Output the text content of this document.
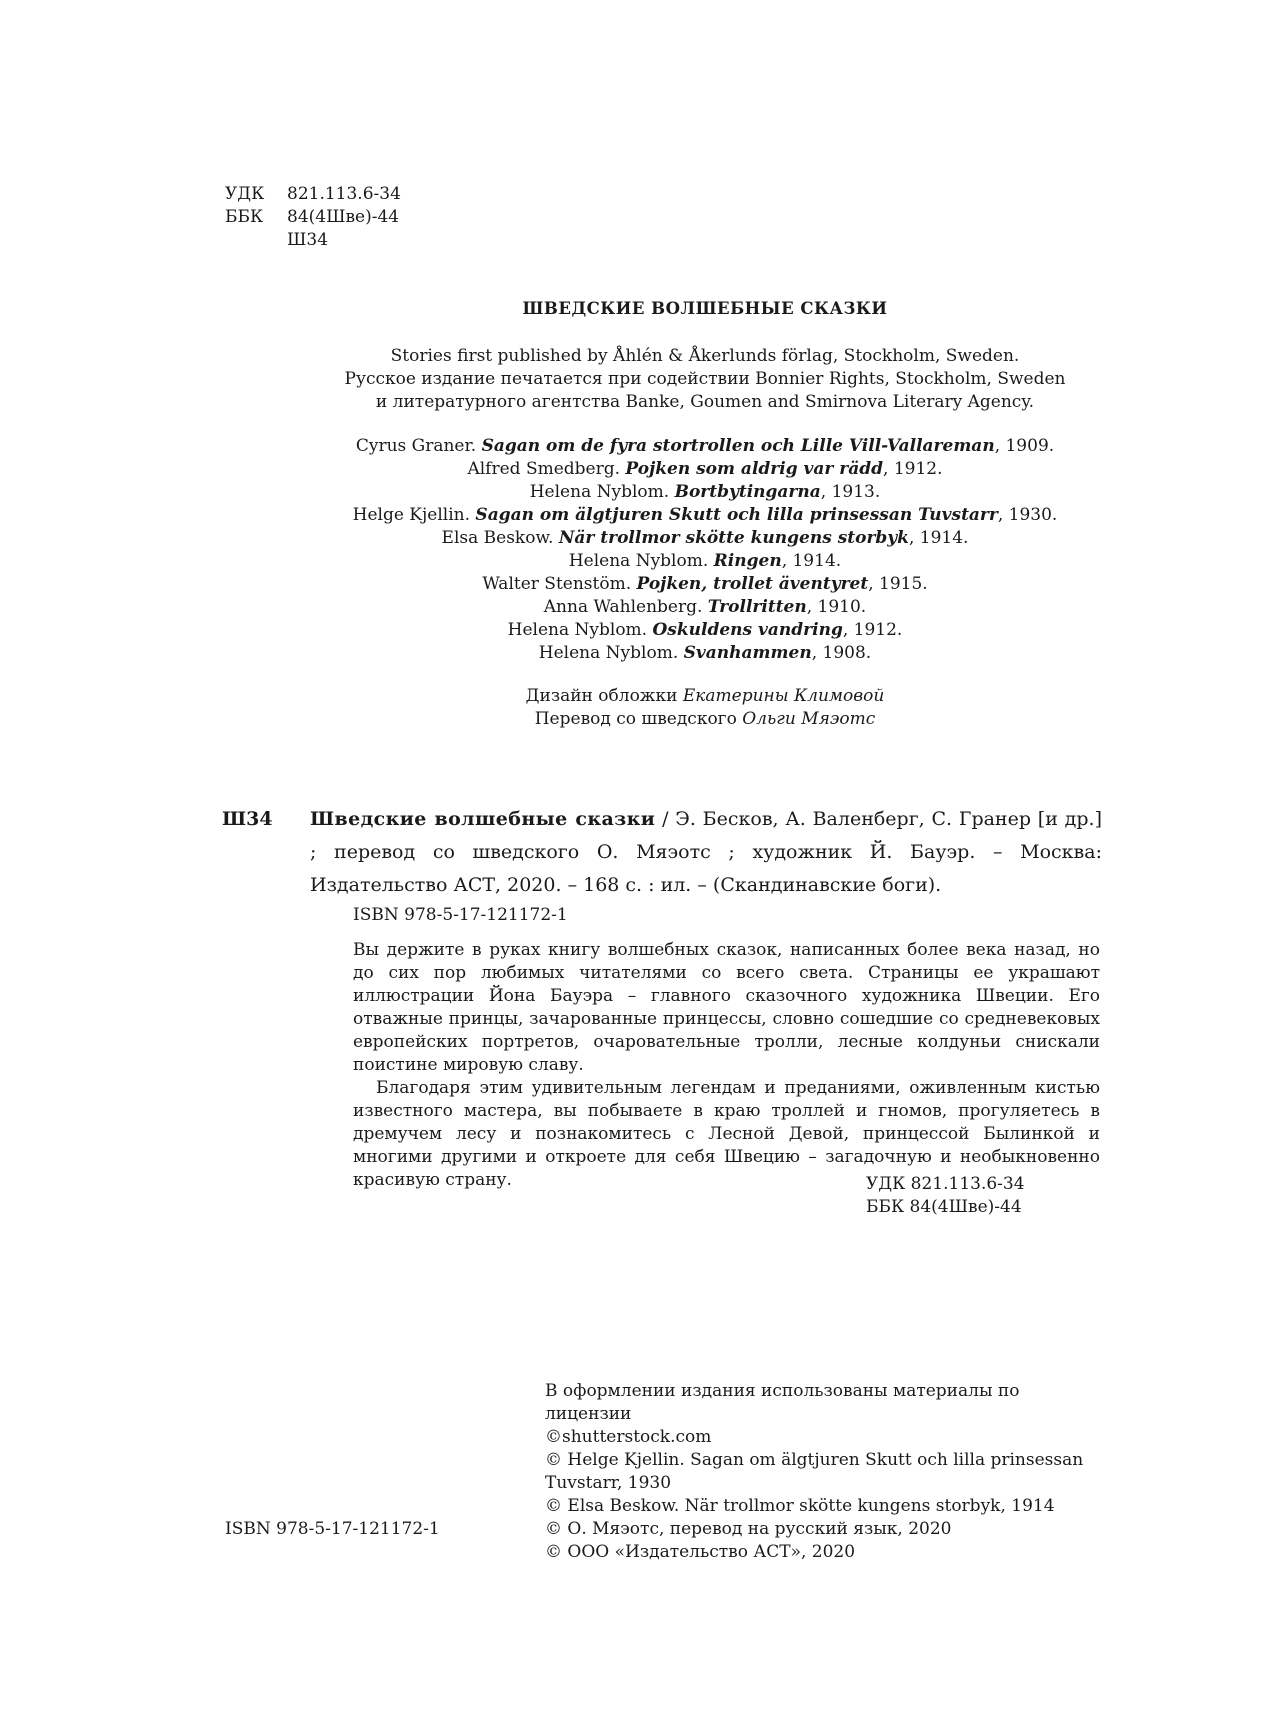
УДК	821.113.6-34
ББК	84(4Шве)-44
Ш34
ШВЕДСКИЕ ВОЛШЕБНЫЕ СКАЗКИ
Stories first published by Åhlén & Åkerlunds förlag, Stockholm, Sweden.
Русское издание печатается при содействии Bonnier Rights, Stockholm, Sweden
и литературного агентства Banke, Goumen and Smirnova Literary Agency.
Cyrus Graner. Sagan om de fyra stortrollen och Lille Vill-Vallareman, 1909.
Alfred Smedberg. Pojken som aldrig var rädd, 1912.
Helena Nyblom. Bortbytingarna, 1913.
Helge Kjellin. Sagan om älgtjuren Skutt och lilla prinsessan Tuvstarr, 1930.
Elsa Beskow. När trollmor skötte kungens storbyk, 1914.
Helena Nyblom. Ringen, 1914.
Walter Stenstöm. Pojken, trollet äventyret, 1915.
Anna Wahlenberg. Trollritten, 1910.
Helena Nyblom. Oskuldens vandring, 1912.
Helena Nyblom. Svanhammen, 1908.
Дизайн обложки Екатерины Климовой
Перевод со шведского Ольги Мяэотс
Ш34 Шведские волшебные сказки / Э. Бесков, А. Валенберг, С. Гранер [и др.] ; перевод со шведского О. Мяэотс ; художник Й. Бауэр. – Москва: Издательство АСТ, 2020. – 168 с. : ил. – (Скандинавские боги).
ISBN 978-5-17-121172-1

Вы держите в руках книгу волшебных сказок, написанных более века назад, но до сих пор любимых читателями со всего света. Страницы ее украшают иллюстрации Йона Бауэра – главного сказочного художника Швеции. Его отважные принцы, зачарованные принцессы, словно сошедшие со средневековых европейских портретов, очаровательные тролли, лесные колдуньи снискали поистине мировую славу.

Благодаря этим удивительным легендам и преданиями, оживленным кистью известного мастера, вы побываете в краю троллей и гномов, прогуляетесь в дремучем лесу и познакомитесь с Лесной Девой, принцессой Былинкой и многими другими и откроете для себя Швецию – загадочную и необыкновенно красивую страну.	УДК 821.113.6-34
ББК 84(4Шве)-44
В оформлении издания использованы материалы по лицензии
©shutterstock.com
© Helge Kjellin. Sagan om älgtjuren Skutt och lilla prinsessan
Tuvstarr, 1930
© Elsa Beskow. När trollmor skötte kungens storbyk, 1914
© О. Мяэотс, перевод на русский язык, 2020
© ООО «Издательство АСТ», 2020
ISBN 978-5-17-121172-1
